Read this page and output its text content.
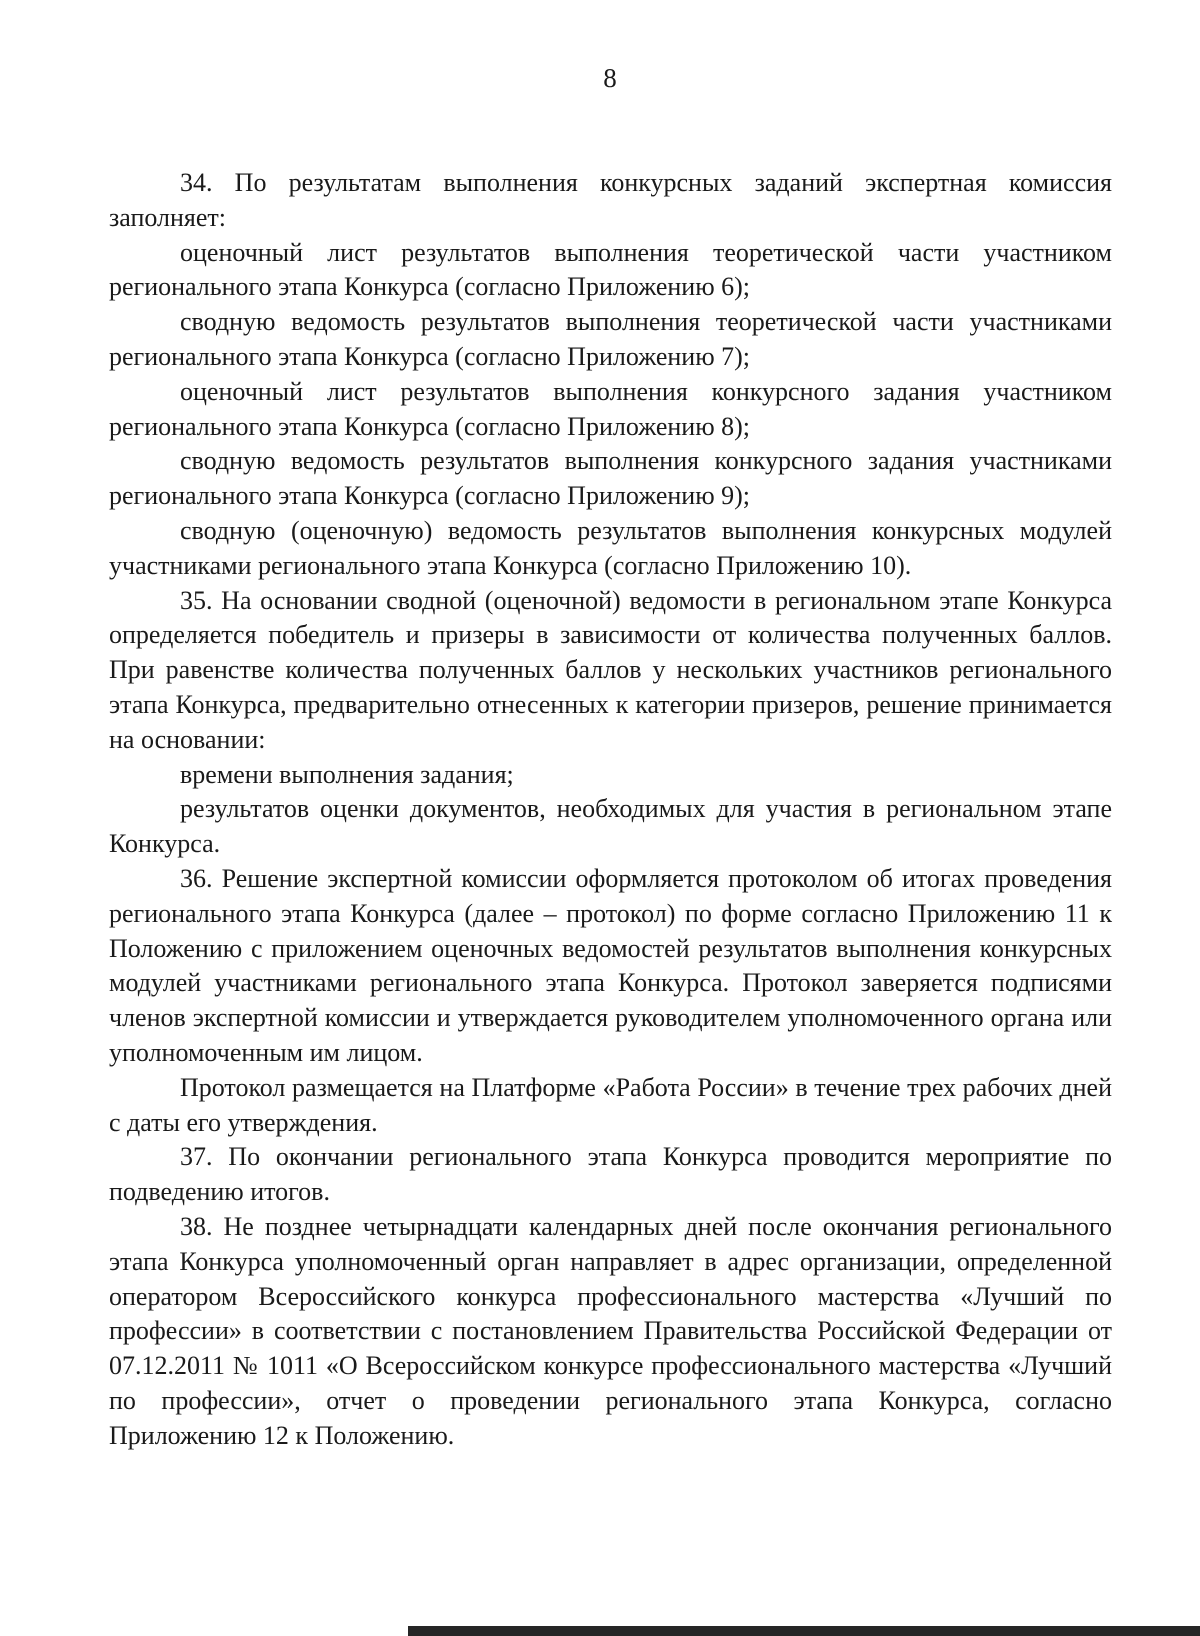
8

34. По результатам выполнения конкурсных заданий экспертная комиссия заполняет:

оценочный лист результатов выполнения теоретической части участником регионального этапа Конкурса (согласно Приложению 6);

сводную ведомость результатов выполнения теоретической части участниками регионального этапа Конкурса (согласно Приложению 7);

оценочный лист результатов выполнения конкурсного задания участником регионального этапа Конкурса (согласно Приложению 8);

сводную ведомость результатов выполнения конкурсного задания участниками регионального этапа Конкурса (согласно Приложению 9);

сводную (оценочную) ведомость результатов выполнения конкурсных модулей участниками регионального этапа Конкурса (согласно Приложению 10).

35. На основании сводной (оценочной) ведомости в региональном этапе Конкурса определяется победитель и призеры в зависимости от количества полученных баллов. При равенстве количества полученных баллов у нескольких участников регионального этапа Конкурса, предварительно отнесенных к категории призеров, решение принимается на основании:

времени выполнения задания;

результатов оценки документов, необходимых для участия в региональном этапе Конкурса.

36. Решение экспертной комиссии оформляется протоколом об итогах проведения регионального этапа Конкурса (далее – протокол) по форме согласно Приложению 11 к Положению с приложением оценочных ведомостей результатов выполнения конкурсных модулей участниками регионального этапа Конкурса. Протокол заверяется подписями членов экспертной комиссии и утверждается руководителем уполномоченного органа или уполномоченным им лицом.

Протокол размещается на Платформе «Работа России» в течение трех рабочих дней с даты его утверждения.

37. По окончании регионального этапа Конкурса проводится мероприятие по подведению итогов.

38. Не позднее четырнадцати календарных дней после окончания регионального этапа Конкурса уполномоченный орган направляет в адрес организации, определенной оператором Всероссийского конкурса профессионального мастерства «Лучший по профессии» в соответствии с постановлением Правительства Российской Федерации от 07.12.2011 № 1011 «О Всероссийском конкурсе профессионального мастерства «Лучший по профессии», отчет о проведении регионального этапа Конкурса, согласно Приложению 12 к Положению.
